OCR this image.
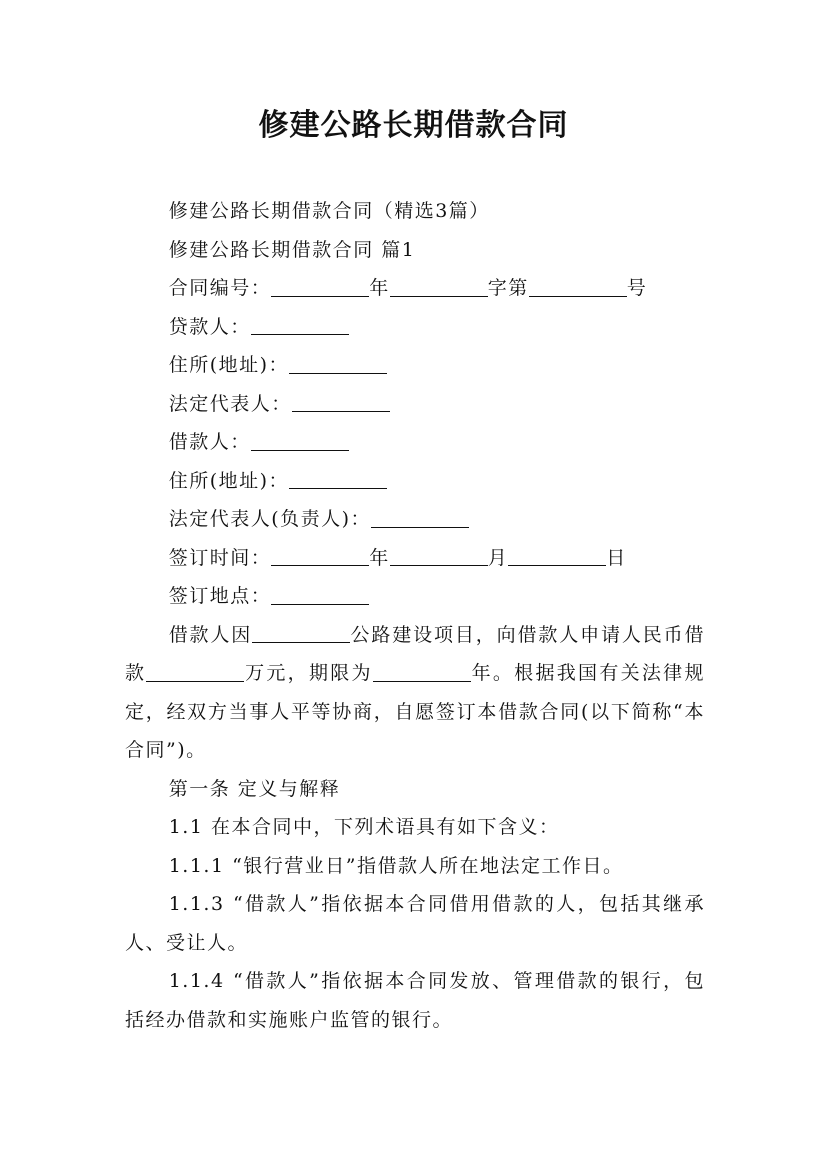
修建公路长期借款合同

修建公路长期借款合同（精选3篇）

修建公路长期借款合同 篇1

合同编号：	年	字第	号

贷款人：

住所(地址)：

法定代表人：

借款人：

住所(地址)：

法定代表人(负责人)：

签订时间：	年	月	日

签订地点：

借款人因	公路建设项目，向借款人申请人民币借款	万元，期限为	年。根据我国有关法律规定，经双方当事人平等协商，自愿签订本借款合同(以下简称“本合同”)。

第一条 定义与解释

1.1 在本合同中，下列术语具有如下含义：

1.1.1 “银行营业日”指借款人所在地法定工作日。

1.1.3 “借款人”指依据本合同借用借款的人，包括其继承人、受让人。

1.1.4 “借款人”指依据本合同发放、管理借款的银行，包括经办借款和实施账户监管的银行。
